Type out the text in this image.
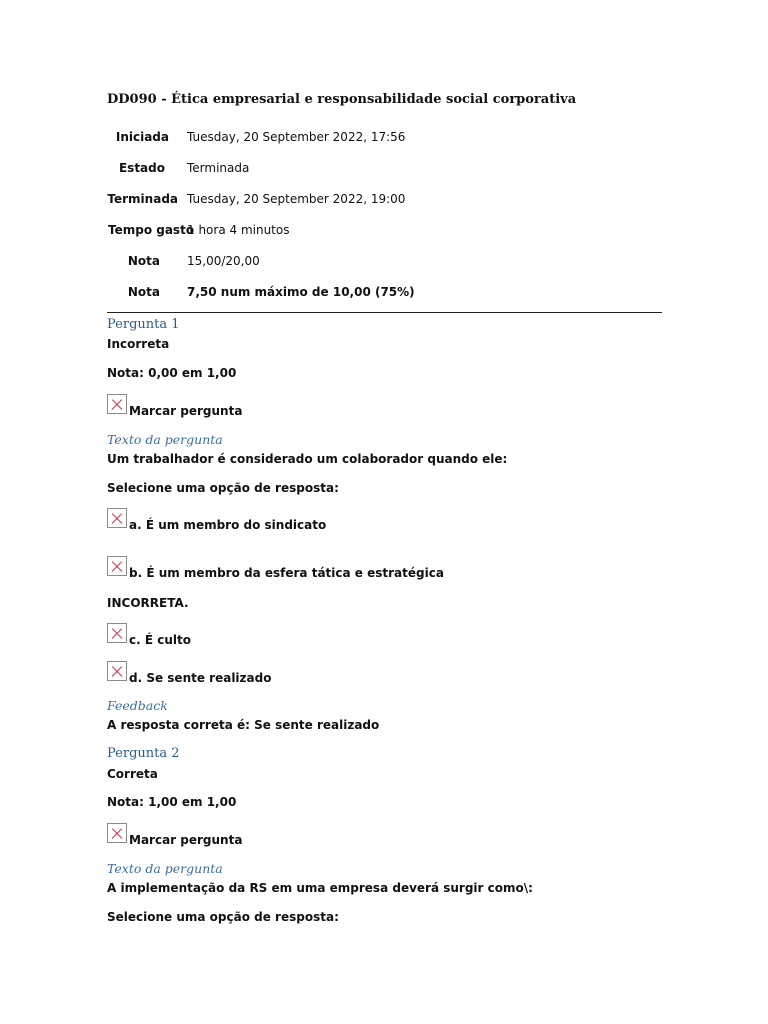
DD090 - Ética empresarial e responsabilidade social corporativa
Iniciada Tuesday, 20 September 2022, 17:56
Estado Terminada
Terminada Tuesday, 20 September 2022, 19:00
Tempo gasto
1 hora 4 minutos
Nota 15,00/20,00
Nota 7,50 num máximo de 10,00 (75%)
Pergunta 1
Incorreta
Nota: 0,00 em 1,00
Marcar pergunta
Texto da pergunta
Um trabalhador é considerado um colaborador quando ele:
Selecione uma opção de resposta:
a. É um membro do sindicato
b. É um membro da esfera tática e estratégica
INCORRETA.
c. É culto
d. Se sente realizado
Feedback
A resposta correta é: Se sente realizado
Pergunta 2
Correta
Nota: 1,00 em 1,00
Marcar pergunta
Texto da pergunta
A implementação da RS em uma empresa deverá surgir como\:
Selecione uma opção de resposta:
